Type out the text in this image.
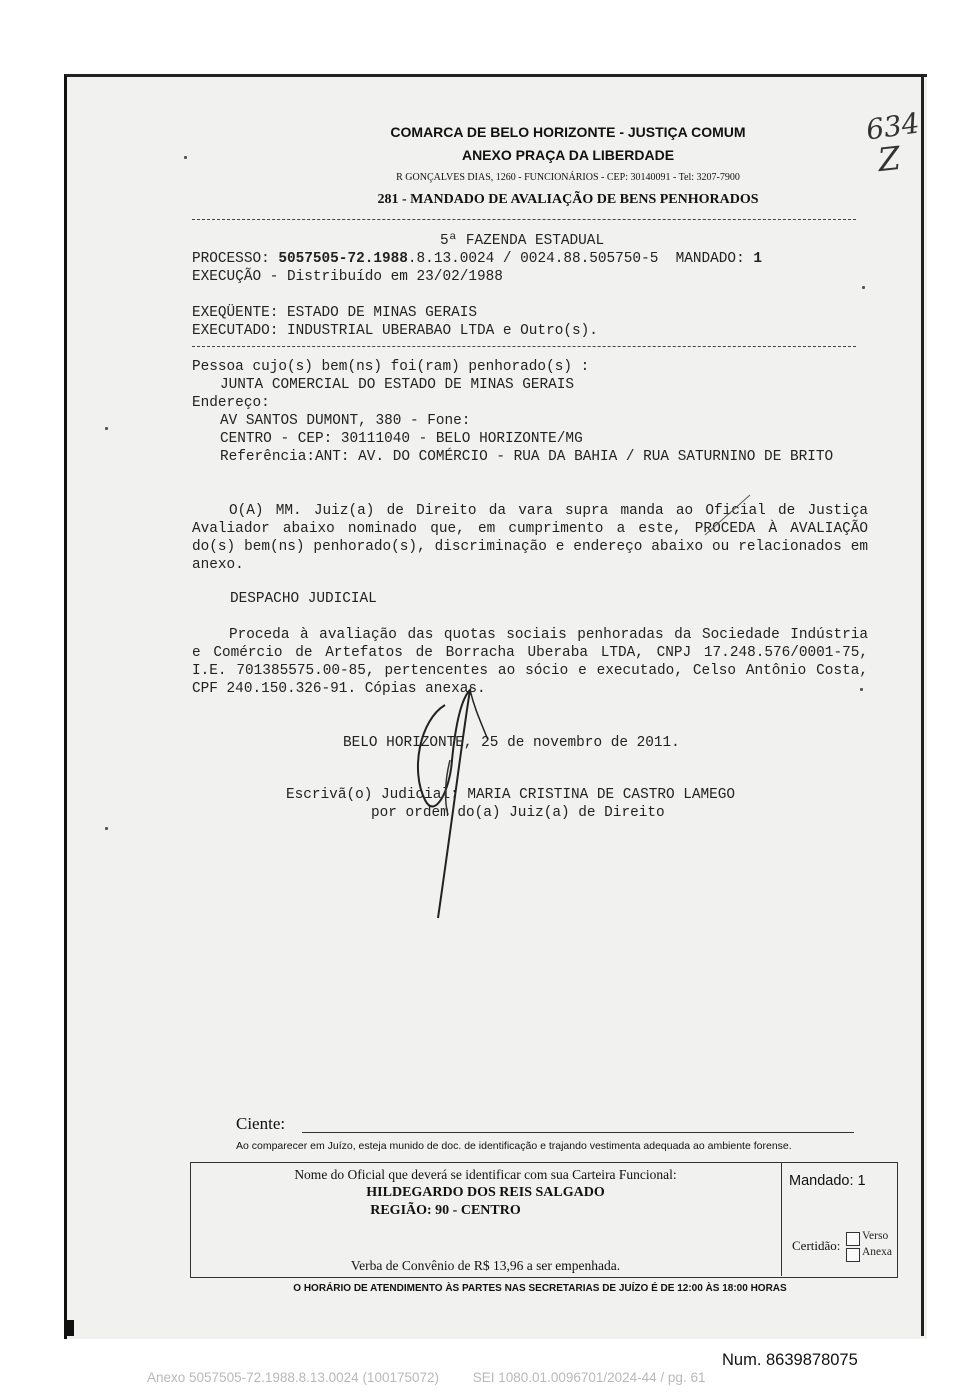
COMARCA DE BELO HORIZONTE - JUSTIÇA COMUM
ANEXO PRAÇA DA LIBERDADE
R GONÇALVES DIAS, 1260 - FUNCIONÁRIOS - CEP: 30140091 - Tel: 3207-7900
281 - MANDADO DE AVALIAÇÃO DE BENS PENHORADOS
634
Z
5ª FAZENDA ESTADUAL
PROCESSO: 5057505-72.1988.8.13.0024 / 0024.88.505750-5  MANDADO: 1
EXECUÇÃO - Distribuído em 23/02/1988
EXEQÜENTE: ESTADO DE MINAS GERAIS
EXECUTADO: INDUSTRIAL UBERABAO LTDA e Outro(s).
Pessoa cujo(s) bem(ns) foi(ram) penhorado(s) :
JUNTA COMERCIAL DO ESTADO DE MINAS GERAIS
Endereço:
AV SANTOS DUMONT, 380 - Fone:
CENTRO - CEP: 30111040 - BELO HORIZONTE/MG
Referência:ANT: AV. DO COMÉRCIO - RUA DA BAHIA / RUA SATURNINO DE BRITO
O(A) MM. Juiz(a) de Direito da vara supra manda ao Oficial de Justiça Avaliador abaixo nominado que, em cumprimento a este, PROCEDA À AVALIAÇÃO do(s) bem(ns) penhorado(s), discriminação e endereço abaixo ou relacionados em anexo.
DESPACHO JUDICIAL
Proceda à avaliação das quotas sociais penhoradas da Sociedade Indústria e Comércio de Artefatos de Borracha Uberaba LTDA, CNPJ 17.248.576/0001-75, I.E. 701385575.00-85, pertencentes ao sócio e executado, Celso Antônio Costa, CPF 240.150.326-91. Cópias anexas.
BELO HORIZONTE, 25 de novembro de 2011.
Escrivã(o) Judicial: MARIA CRISTINA DE CASTRO LAMEGO
por ordem do(a) Juiz(a) de Direito
Ciente:
Ao comparecer em Juízo, esteja munido de doc. de identificação e trajando vestimenta adequada ao ambiente forense.
Nome do Oficial que deverá se identificar com sua Carteira Funcional:
HILDEGARDO DOS REIS SALGADO
REGIÃO: 90 - CENTRO
Verba de Convênio de R$ 13,96 a ser empenhada.
Mandado: 1
Certidão:
Verso
Anexa
O HORÁRIO DE ATENDIMENTO ÀS PARTES NAS SECRETARIAS DE JUÍZO É DE 12:00 ÀS 18:00 HORAS
Num. 8639878075
Anexo 5057505-72.1988.8.13.0024 (100175072)         SEI 1080.01.0096701/2024-44 / pg. 61
